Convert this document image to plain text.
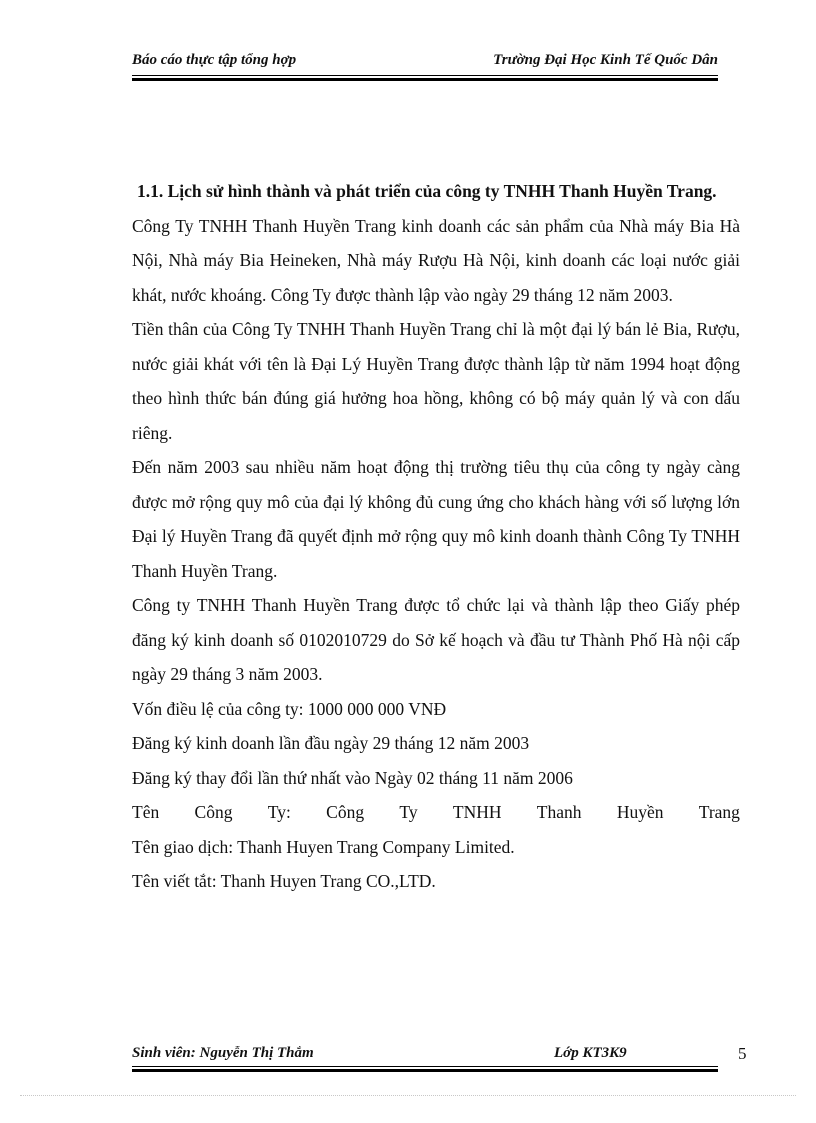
Báo cáo thực tập tổng hợp	Trường Đại Học Kinh Tế Quốc Dân

1.1. Lịch sử hình thành và phát triển của công ty TNHH Thanh Huyền Trang.

Công Ty TNHH Thanh Huyền Trang kinh doanh các sản phẩm của Nhà máy Bia Hà Nội, Nhà máy Bia Heineken, Nhà máy Rượu Hà Nội, kinh doanh các loại nước giải khát, nước khoáng. Công Ty được thành lập vào ngày 29 tháng 12 năm 2003.

Tiền thân của Công Ty TNHH Thanh Huyền Trang chỉ là một đại lý bán lẻ Bia, Rượu, nước giải khát với tên là Đại Lý Huyền Trang được thành lập từ năm 1994 hoạt động theo hình thức bán đúng giá hưởng hoa hồng, không có bộ máy quản lý và con dấu riêng.

Đến năm 2003 sau nhiều năm hoạt động thị trường tiêu thụ của công ty ngày càng được mở rộng quy mô của đại lý không đủ cung ứng cho khách hàng với số lượng lớn Đại lý Huyền Trang đã quyết định mở rộng quy mô kinh doanh thành Công Ty TNHH Thanh Huyền Trang.

Công ty TNHH Thanh Huyền Trang được tổ chức lại và thành lập theo Giấy phép đăng ký kinh doanh số 0102010729 do Sở kế hoạch và đầu tư Thành Phố Hà nội cấp ngày 29 tháng 3 năm 2003.

Vốn điều lệ của công ty: 1000 000 000 VNĐ

Đăng ký kinh doanh lần đầu ngày 29 tháng 12 năm 2003

Đăng ký thay đổi lần thứ nhất vào Ngày 02 tháng 11 năm 2006

Tên Công Ty: Công Ty TNHH Thanh Huyền Trang

Tên giao dịch: Thanh Huyen Trang Company Limited.

Tên viết tắt: Thanh Huyen Trang CO.,LTD.

Sinh viên: Nguyễn Thị Thắm	Lớp KT3K9	5
